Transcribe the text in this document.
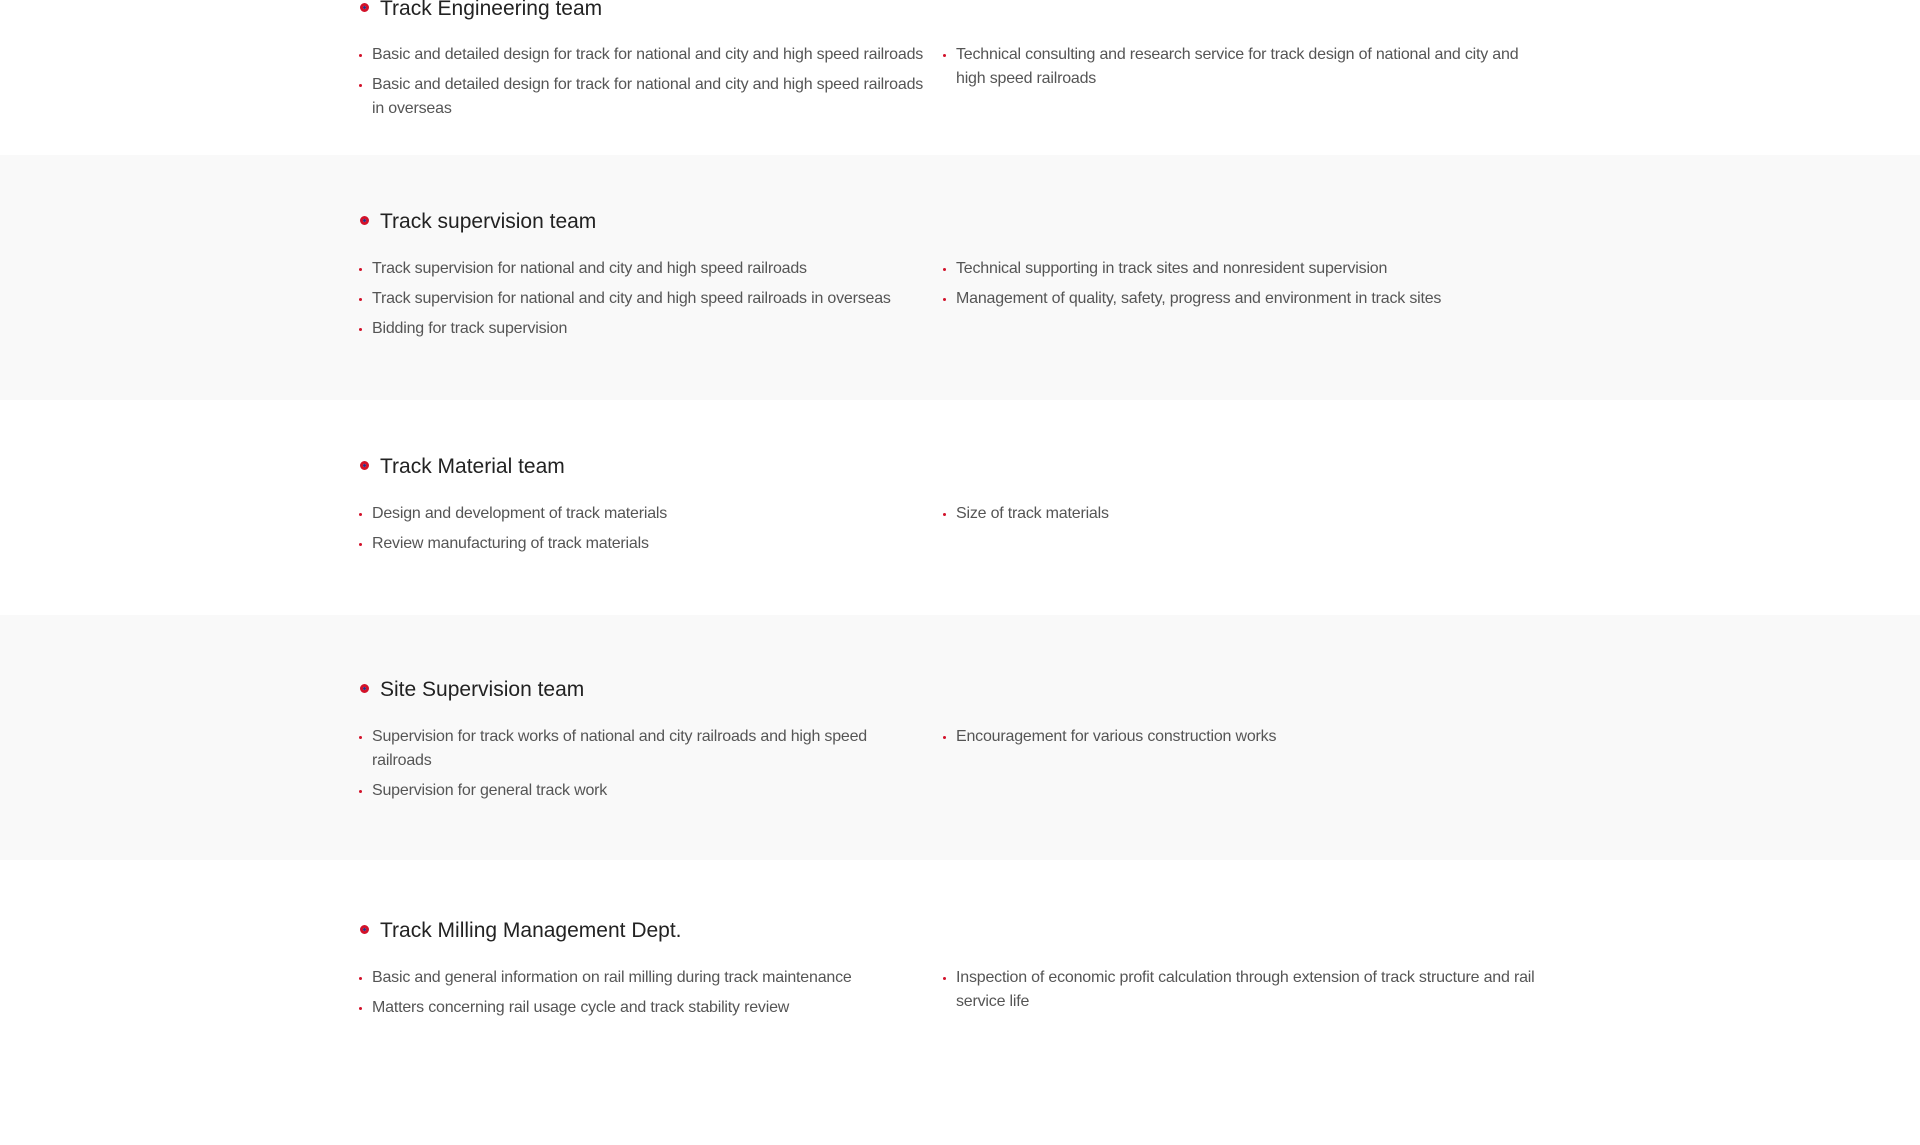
Track Engineering team
Basic and detailed design for track for national and city and high speed railroads
Basic and detailed design for track for national and city and high speed railroads in overseas
Technical consulting and research service for track design of national and city and high speed railroads
Track supervision team
Track supervision for national and city and high speed railroads
Track supervision for national and city and high speed railroads in overseas
Bidding for track supervision
Technical supporting in track sites and nonresident supervision
Management of quality, safety, progress and environment in track sites
Track Material team
Design and development of track materials
Review manufacturing of track materials
Size of track materials
Site Supervision team
Supervision for track works of national and city railroads and high speed railroads
Supervision for general track work
Encouragement for various construction works
Track Milling Management Dept.
Basic and general information on rail milling during track maintenance
Matters concerning rail usage cycle and track stability review
Inspection of economic profit calculation through extension of track structure and rail service life
